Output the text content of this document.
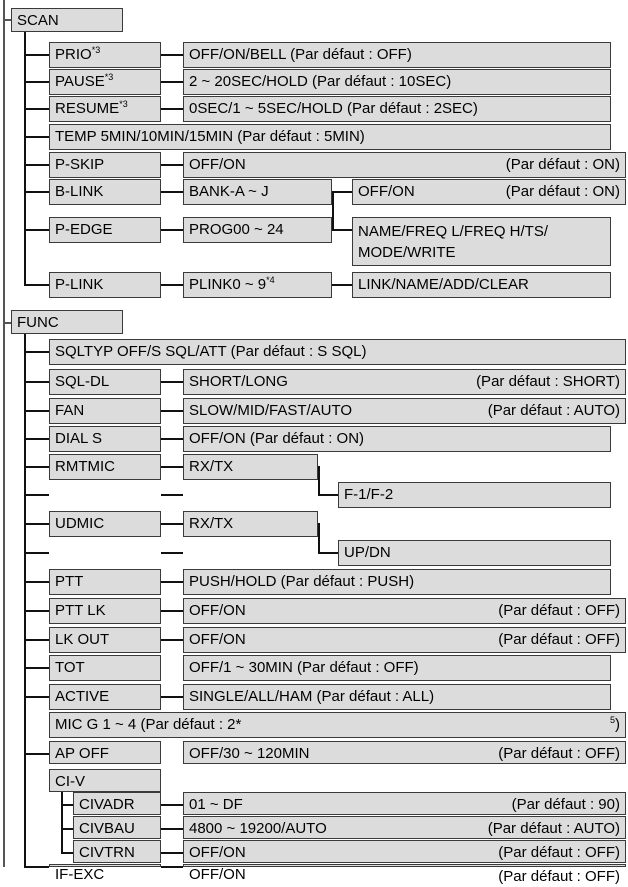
SCAN
PRIO$^{*3}$	OFF/ON/BELL (Par défaut : OFF)
PAUSE$^{*3}$	2 ~ 20SEC/HOLD (Par défaut : 10SEC)
RESUME$^{*3}$	0SEC/1 ~ 5SEC/HOLD (Par défaut : 2SEC)
TEMP 5MIN/10MIN/15MIN (Par défaut : 5MIN)
P-SKIP	OFF/ON	(Par défaut : ON)
B-LINK	BANK-A ~ J	OFF/ON	(Par défaut : ON)
P-EDGE	PROG00 ~ 24	NAME/FREQ L/FREQ H/TS/ MODE/WRITE
P-LINK	PLINK0 ~ 9$^{*4}$	LINK/NAME/ADD/CLEAR
FUNC
SQLTYP OFF/S SQL/ATT (Par défaut : S SQL)
SQL-DL	SHORT/LONG	(Par défaut : SHORT)
FAN	SLOW/MID/FAST/AUTO	(Par défaut : AUTO)
DIAL S	OFF/ON (Par défaut : ON)
RMTMIC	RX/TX
F-1/F-2
UDMIC	RX/TX
UP/DN
PTT	PUSH/HOLD (Par défaut : PUSH)
PTT LK	OFF/ON	(Par défaut : OFF)
LK OUT	OFF/ON	(Par défaut : OFF)
TOT	OFF/1 ~ 30MIN (Par défaut : OFF)
ACTIVE	SINGLE/ALL/HAM (Par défaut : ALL)
MIC G 1 ~ 4 (Par défaut : 2*	$^5$)
AP OFF	OFF/30 ~ 120MIN	(Par défaut : OFF)
CI-V
CIVADR	01 ~ DF	(Par défaut : 90)
CIVBAU	4800 ~ 19200/AUTO	(Par défaut : AUTO)
CIVTRN	OFF/ON	(Par défaut : OFF)
IF-EXC	OFF/ON	(Par défaut : OFF)
